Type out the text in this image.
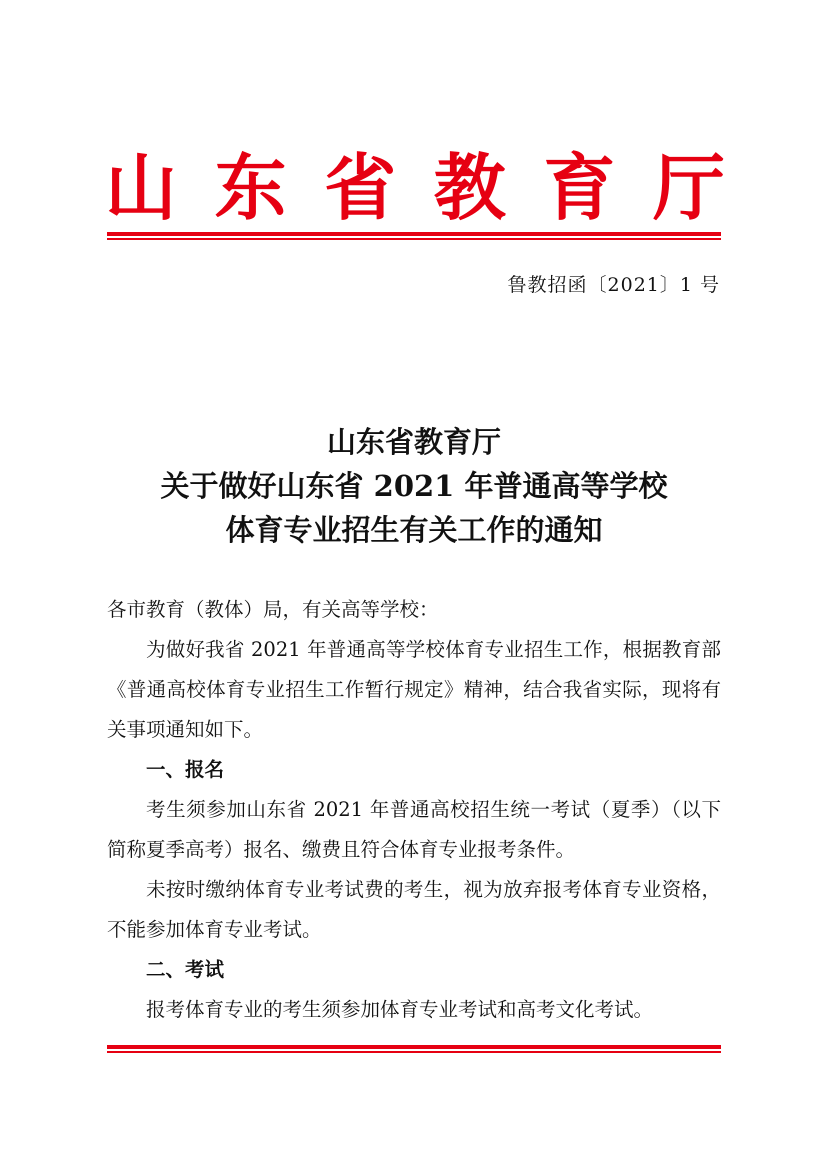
山 东 省 教 育 厅
鲁教招函〔2021〕1 号
山东省教育厅
关于做好山东省 2021 年普通高等学校
体育专业招生有关工作的通知

各市教育（教体）局，有关高等学校：

为做好我省 2021 年普通高等学校体育专业招生工作，根据教育部《普通高校体育专业招生工作暂行规定》精神，结合我省实际，现将有关事项通知如下。

一、报名

考生须参加山东省 2021 年普通高校招生统一考试（夏季）（以下简称夏季高考）报名、缴费且符合体育专业报考条件。

未按时缴纳体育专业考试费的考生，视为放弃报考体育专业资格，不能参加体育专业考试。

二、考试

报考体育专业的考生须参加体育专业考试和高考文化考试。
